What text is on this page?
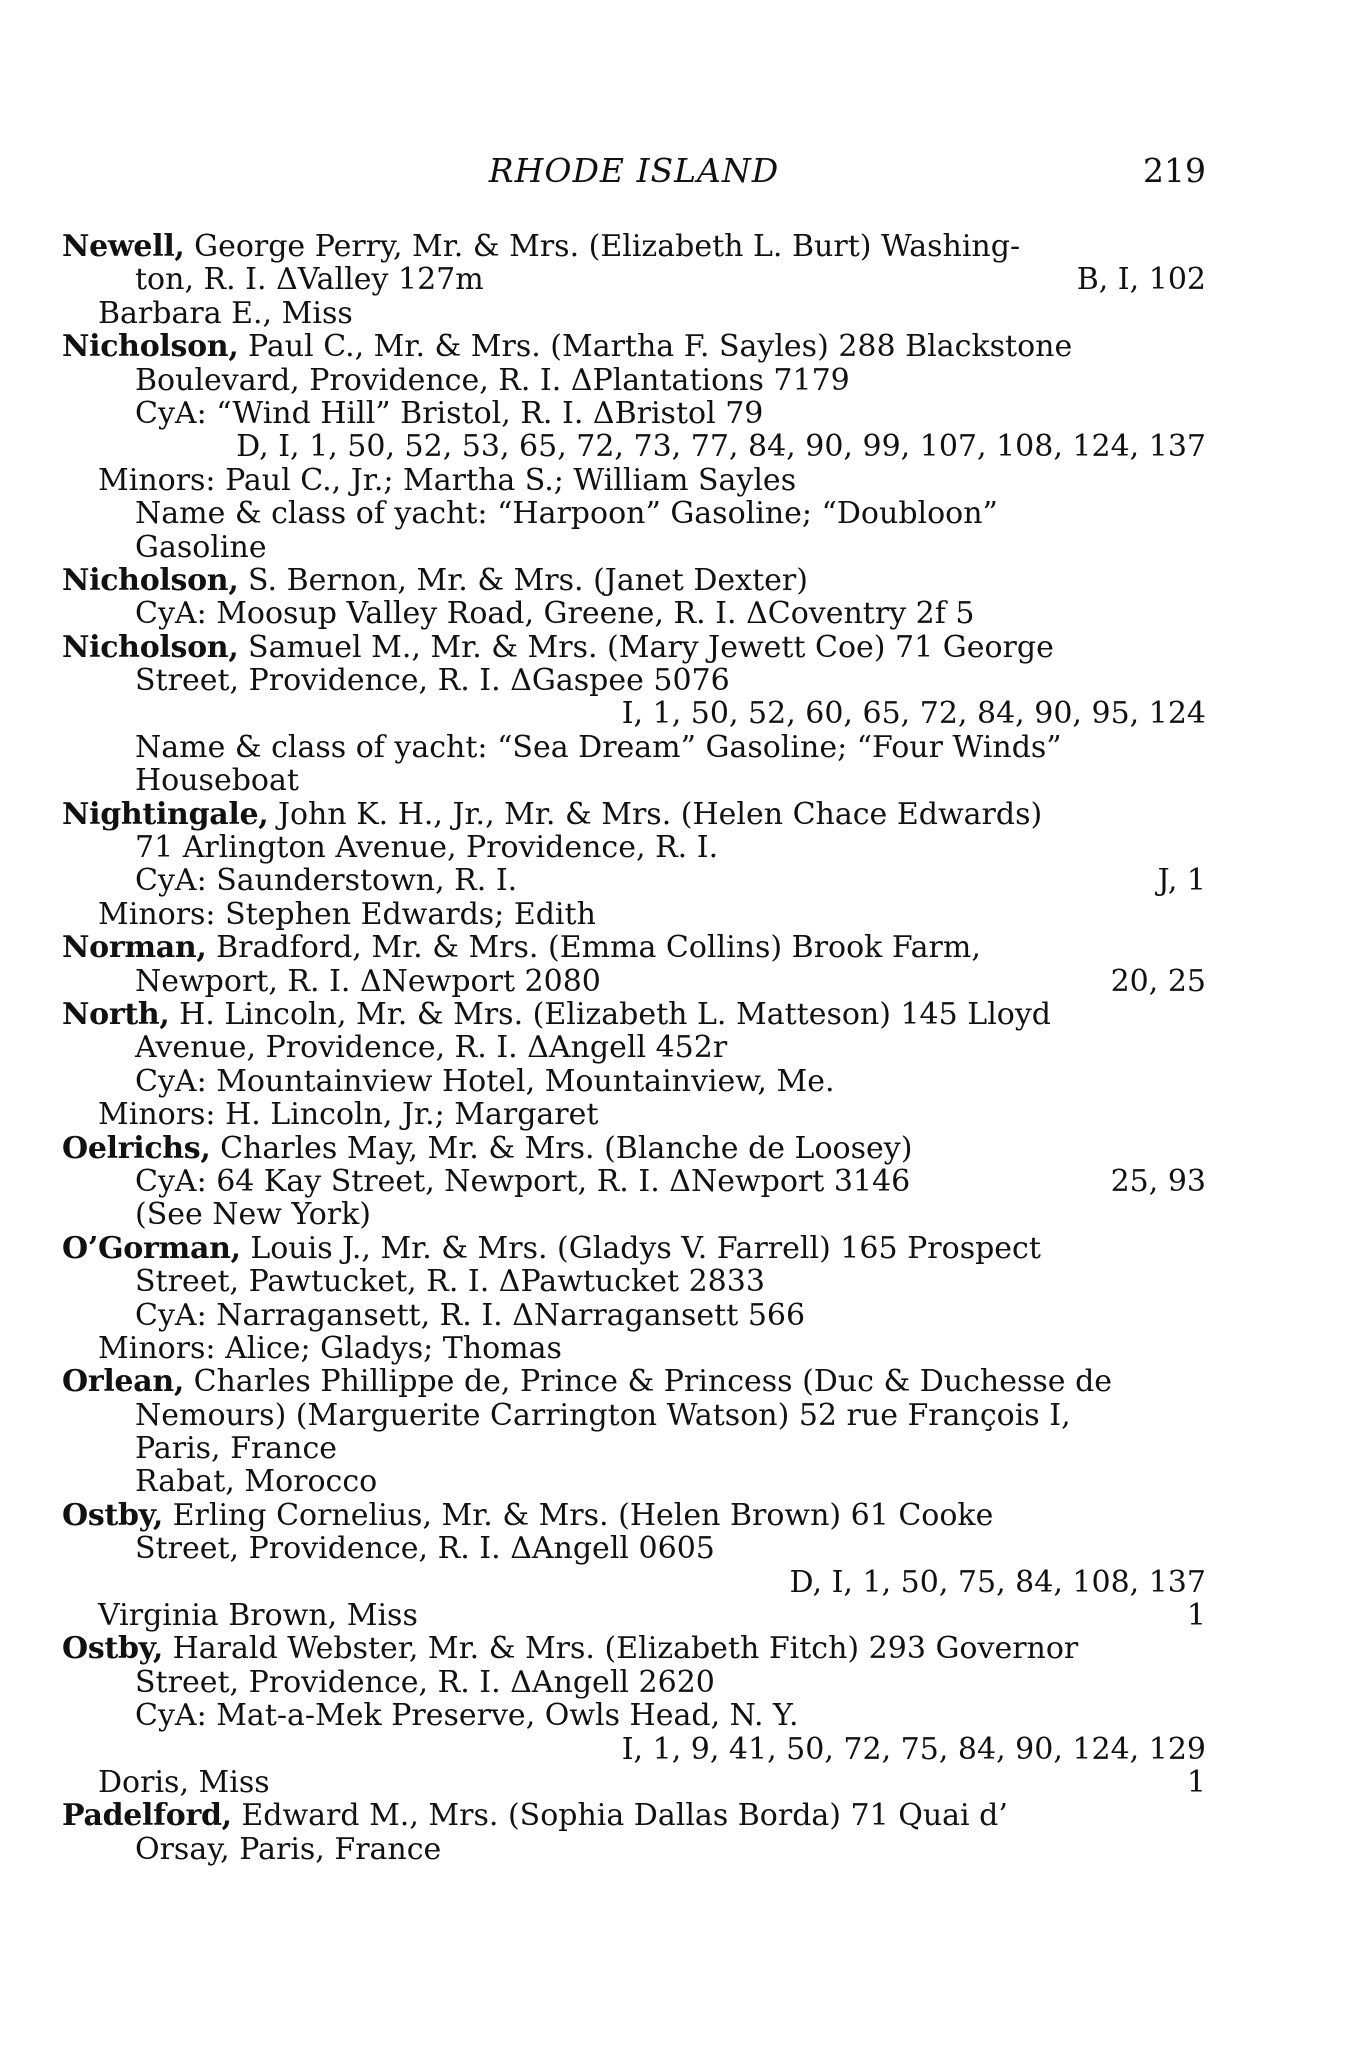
RHODE ISLAND	219
Newell, George Perry, Mr. & Mrs. (Elizabeth L. Burt) Washing-
ton, R. I. ΔValley 127m	B, I, 102
Barbara E., Miss
Nicholson, Paul C., Mr. & Mrs. (Martha F. Sayles) 288 Blackstone
Boulevard, Providence, R. I. ΔPlantations 7179
CyA: “Wind Hill” Bristol, R. I. ΔBristol 79
D, I, 1, 50, 52, 53, 65, 72, 73, 77, 84, 90, 99, 107, 108, 124, 137
Minors: Paul C., Jr.; Martha S.; William Sayles
Name & class of yacht: “Harpoon” Gasoline; “Doubloon”
Gasoline
Nicholson, S. Bernon, Mr. & Mrs. (Janet Dexter)
CyA: Moosup Valley Road, Greene, R. I. ΔCoventry 2f 5
Nicholson, Samuel M., Mr. & Mrs. (Mary Jewett Coe) 71 George
Street, Providence, R. I. ΔGaspee 5076
I, 1, 50, 52, 60, 65, 72, 84, 90, 95, 124
Name & class of yacht: “Sea Dream” Gasoline; “Four Winds”
Houseboat
Nightingale, John K. H., Jr., Mr. & Mrs. (Helen Chace Edwards)
71 Arlington Avenue, Providence, R. I.
CyA: Saunderstown, R. I.	J, 1
Minors: Stephen Edwards; Edith
Norman, Bradford, Mr. & Mrs. (Emma Collins) Brook Farm,
Newport, R. I. ΔNewport 2080	20, 25
North, H. Lincoln, Mr. & Mrs. (Elizabeth L. Matteson) 145 Lloyd
Avenue, Providence, R. I. ΔAngell 452r
CyA: Mountainview Hotel, Mountainview, Me.
Minors: H. Lincoln, Jr.; Margaret
Oelrichs, Charles May, Mr. & Mrs. (Blanche de Loosey)
CyA: 64 Kay Street, Newport, R. I. ΔNewport 3146	25, 93
(See New York)
O’Gorman, Louis J., Mr. & Mrs. (Gladys V. Farrell) 165 Prospect
Street, Pawtucket, R. I. ΔPawtucket 2833
CyA: Narragansett, R. I. ΔNarragansett 566
Minors: Alice; Gladys; Thomas
Orlean, Charles Phillippe de, Prince & Princess (Duc & Duchesse de
Nemours) (Marguerite Carrington Watson) 52 rue François I,
Paris, France
Rabat, Morocco
Ostby, Erling Cornelius, Mr. & Mrs. (Helen Brown) 61 Cooke
Street, Providence, R. I. ΔAngell 0605
D, I, 1, 50, 75, 84, 108, 137
Virginia Brown, Miss	1
Ostby, Harald Webster, Mr. & Mrs. (Elizabeth Fitch) 293 Governor
Street, Providence, R. I. ΔAngell 2620
CyA: Mat-a-Mek Preserve, Owls Head, N. Y.
I, 1, 9, 41, 50, 72, 75, 84, 90, 124, 129
Doris, Miss	1
Padelford, Edward M., Mrs. (Sophia Dallas Borda) 71 Quai d’
Orsay, Paris, France
